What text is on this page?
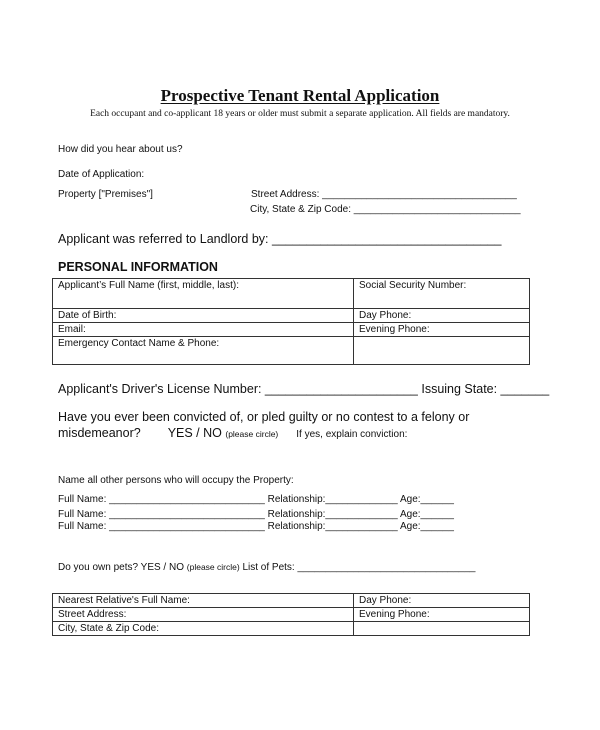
Prospective Tenant Rental Application
Each occupant and co-applicant 18 years or older must submit a separate application. All fields are mandatory.
How did you hear about us?
Date of Application:
Property ["Premises"]	Street Address: ___________________________________
City, State & Zip Code: ______________________________
Applicant was referred to Landlord by: _________________________________
PERSONAL INFORMATION
Applicant’s Full Name (first, middle, last):	Social Security Number:
Date of Birth:	Day Phone:
Email:	Evening Phone:
Emergency Contact Name & Phone:	
Applicant's Driver's License Number: ______________________ Issuing State: _______
Have you ever been convicted of, or pled guilty or no contest to a felony or
misdemeanor? YES / NO (please circle) If yes, explain conviction:
Name all other persons who will occupy the Property:
Full Name: ____________________________ Relationship:_____________ Age:______
Full Name: ____________________________ Relationship:_____________ Age:______
Full Name: ____________________________ Relationship:_____________ Age:______
Do you own pets? YES / NO (please circle) List of Pets: ________________________________
Nearest Relative's Full Name:	Day Phone:
Street Address:	Evening Phone:
City, State & Zip Code:	
